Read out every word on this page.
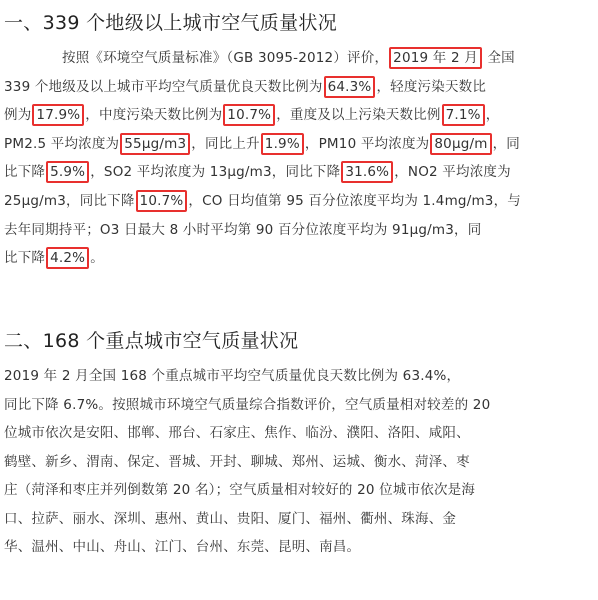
一、339 个地级以上城市空气质量状况
按照《环境空气质量标准》（GB 3095-2012）评价， 2019 年 2 月 全国
339 个地级及以上城市平均空气质量优良天数比例为 64.3% ，轻度污染天数比
例为 17.9% ，中度污染天数比例为 10.7% ，重度及以上污染天数比例 7.1% ，
PM2.5 平均浓度为 55μg/m3 ，同比上升 1.9% ，PM10 平均浓度为 80μg/m ，同
比下降 5.9% ，SO2 平均浓度为 13μg/m3，同比下降 31.6% ，NO2 平均浓度为
25μg/m3，同比下降 10.7% ，CO 日均值第 95 百分位浓度平均为 1.4mg/m3，与
去年同期持平；O3 日最大 8 小时平均第 90 百分位浓度平均为 91μg/m3，同
比下降 4.2% 。
二、168 个重点城市空气质量状况
2019 年 2 月全国 168 个重点城市平均空气质量优良天数比例为 63.4%，
同比下降 6.7%。按照城市环境空气质量综合指数评价，空气质量相对较差的 20
位城市依次是安阳、邯郸、邢台、石家庄、焦作、临汾、濮阳、洛阳、咸阳、
鹤壁、新乡、渭南、保定、晋城、开封、聊城、郑州、运城、衡水、菏泽、枣
庄（菏泽和枣庄并列倒数第 20 名）；空气质量相对较好的 20 位城市依次是海
口、拉萨、丽水、深圳、惠州、黄山、贵阳、厦门、福州、衢州、珠海、金
华、温州、中山、舟山、江门、台州、东莞、昆明、南昌。
